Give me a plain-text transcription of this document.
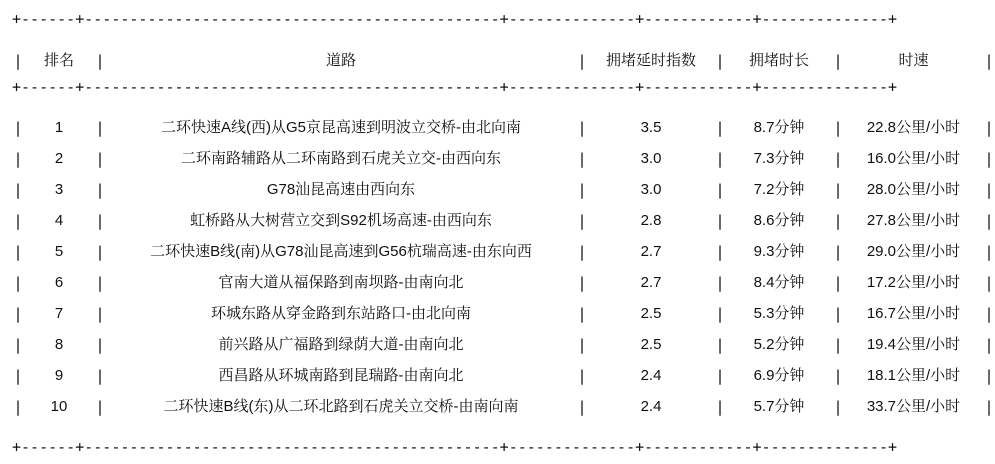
+------+----------------------------------------------+--------------+------------+--------------+										

|	排名	|	道路	|	拥堵延时指数	|	拥堵时长	|	时速	|

+------+----------------------------------------------+--------------+------------+--------------+										

|	1	|	二环快速A线(西)从G5京昆高速到明波立交桥-由北向南	|	3.5	|	8.7分钟	|	22.8公里/小时	|
|	2	|	二环南路辅路从二环南路到石虎关立交-由西向东	|	3.0	|	7.3分钟	|	16.0公里/小时	|
|	3	|	G78汕昆高速由西向东	|	3.0	|	7.2分钟	|	28.0公里/小时	|
|	4	|	虹桥路从大树营立交到S92机场高速-由西向东	|	2.8	|	8.6分钟	|	27.8公里/小时	|
|	5	|	二环快速B线(南)从G78汕昆高速到G56杭瑞高速-由东向西	|	2.7	|	9.3分钟	|	29.0公里/小时	|
|	6	|	官南大道从福保路到南坝路-由南向北	|	2.7	|	8.4分钟	|	17.2公里/小时	|
|	7	|	环城东路从穿金路到东站路口-由北向南	|	2.5	|	5.3分钟	|	16.7公里/小时	|
|	8	|	前兴路从广福路到绿荫大道-由南向北	|	2.5	|	5.2分钟	|	19.4公里/小时	|
|	9	|	西昌路从环城南路到昆瑞路-由南向北	|	2.4	|	6.9分钟	|	18.1公里/小时	|
|	10	|	二环快速B线(东)从二环北路到石虎关立交桥-由南向南	|	2.4	|	5.7分钟	|	33.7公里/小时	|

+------+----------------------------------------------+--------------+------------+--------------+										
